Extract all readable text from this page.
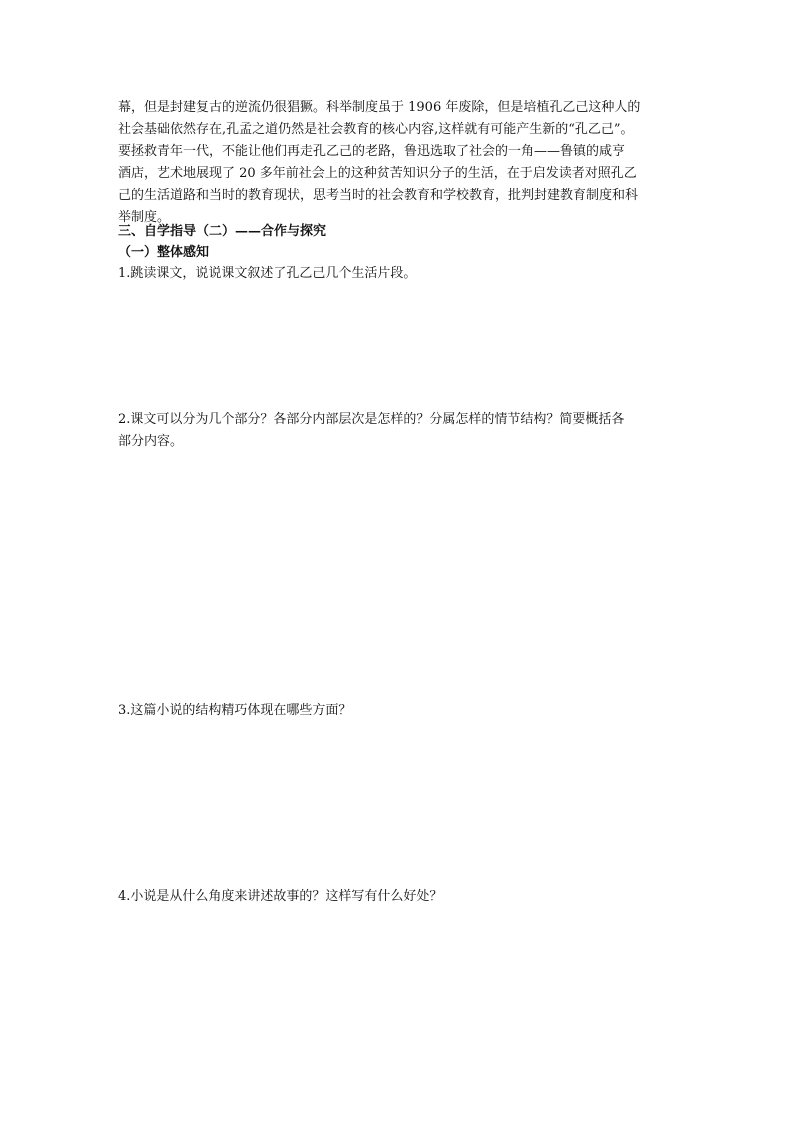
幕，但是封建复古的逆流仍很猖獗。科举制度虽于 1906 年废除，但是培植孔乙己这种人的
社会基础依然存在,孔孟之道仍然是社会教育的核心内容,这样就有可能产生新的“孔乙己”。
要拯救青年一代，不能让他们再走孔乙己的老路，鲁迅选取了社会的一角——鲁镇的咸亨
酒店，艺术地展现了 20 多年前社会上的这种贫苦知识分子的生活，在于启发读者对照孔乙
己的生活道路和当时的教育现状，思考当时的社会教育和学校教育，批判封建教育制度和科
举制度。

三、自学指导（二）——合作与探究

（一）整体感知

1.跳读课文，说说课文叙述了孔乙己几个生活片段。

2.课文可以分为几个部分？各部分内部层次是怎样的？分属怎样的情节结构？简要概括各
部分内容。

3.这篇小说的结构精巧体现在哪些方面？

4.小说是从什么角度来讲述故事的？这样写有什么好处？
